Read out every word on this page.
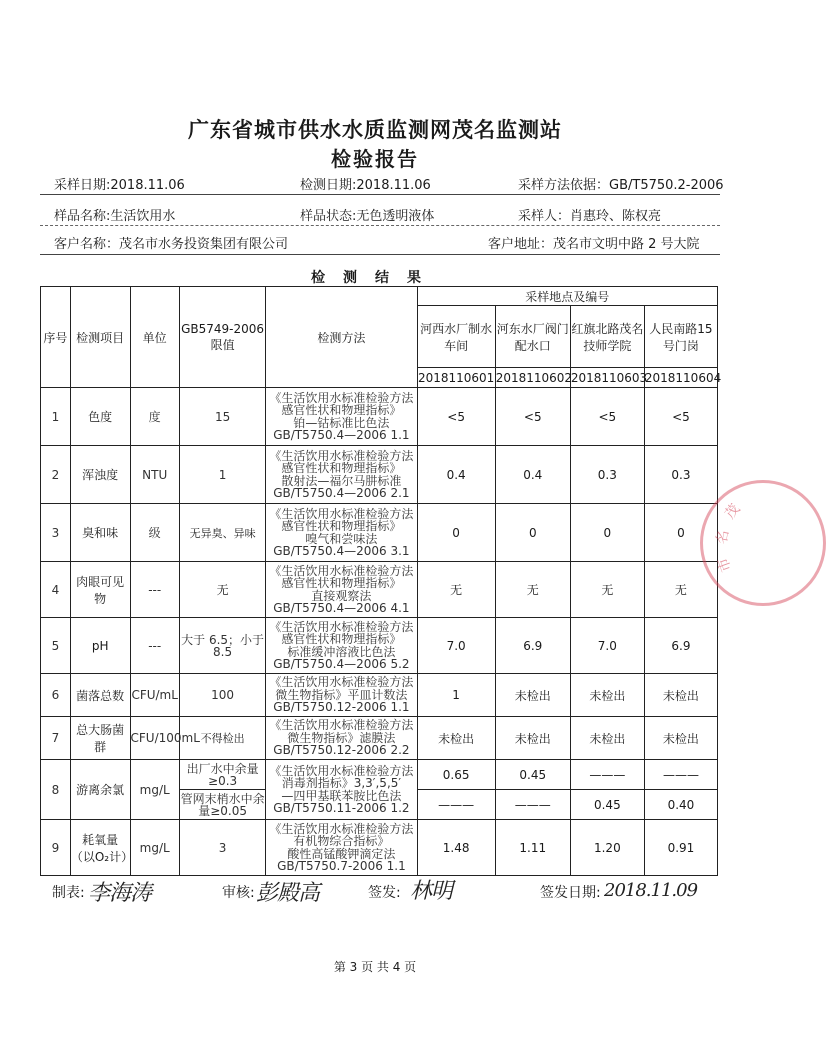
广东省城市供水水质监测网茂名监测站
检验报告
采样日期:2018.11.06	检测日期:2018.11.06	采样方法依据：GB/T5750.2-2006
样品名称:生活饮用水	样品状态:无色透明液体	采样人：肖惠玲、陈权亮
客户名称：茂名市水务投资集团有限公司	客户地址：茂名市文明中路 2 号大院
检测结果
序号	检测项目	单位	GB5749-2006限值	检测方法	采样地点及编号			
					河西水厂制水车间	河东水厂阀门配水口	红旗北路茂名技师学院	人民南路15号门岗
					2018110601	2018110602	2018110603	2018110604
1	色度	度	15	《生活饮用水标准检验方法
感官性状和物理指标》
铂—钴标准比色法
GB/T5750.4—2006 1.1	<5	<5	<5	<5
2	浑浊度	NTU	1	《生活饮用水标准检验方法
感官性状和物理指标》
散射法—福尔马肼标准
GB/T5750.4—2006 2.1	0.4	0.4	0.3	0.3
3	臭和味	级	无异臭、异味	《生活饮用水标准检验方法
感官性状和物理指标》
嗅气和尝味法
GB/T5750.4—2006 3.1	0	0	0	0
4	肉眼可见物	---	无	《生活饮用水标准检验方法
感官性状和物理指标》
直接观察法
GB/T5750.4—2006 4.1	无	无	无	无
5	pH	---	大于 6.5；小于 8.5	《生活饮用水标准检验方法
感官性状和物理指标》
标准缓冲溶液比色法
GB/T5750.4—2006 5.2	7.0	6.9	7.0	6.9
6	菌落总数	CFU/mL	100	《生活饮用水标准检验方法
微生物指标》平皿计数法
GB/T5750.12-2006 1.1	1	未检出	未检出	未检出
7	总大肠菌群	CFU/100mL	不得检出	《生活饮用水标准检验方法
微生物指标》滤膜法
GB/T5750.12-2006 2.2	未检出	未检出	未检出	未检出
8	游离余氯	mg/L	出厂水中余量≥0.3	《生活饮用水标准检验方法
消毒剂指标》3,3′,5,5′
—四甲基联苯胺比色法
GB/T5750.11-2006 1.2	0.65	0.45	———	———
			管网末梢水中余量≥0.05		———	———	0.45	0.40
9	耗氧量（以O₂计）	mg/L	3	《生活饮用水标准检验方法
有机物综合指标》
酸性高锰酸钾滴定法
GB/T5750.7-2006 1.1	1.48	1.11	1.20	0.91
茂
名
市
制表: 李海涛	审核: 彭殿高	签发: 林明	签发日期: 2018.11.09
第 3 页 共 4 页
